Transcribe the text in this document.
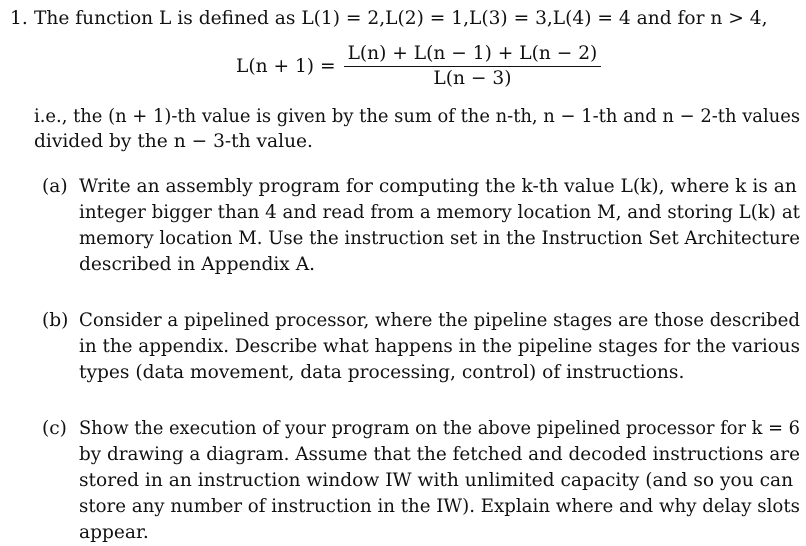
1. The function L is defined as L(1) = 2,L(2) = 1,L(3) = 3,L(4) = 4 and for n > 4,
$L(n + 1) = \frac{L(n) + L(n - 1) + L(n - 2)}{L(n - 3)}$
i.e., the (n + 1)-th value is given by the sum of the n-th, n − 1-th and n − 2-th values
divided by the n − 3-th value.
(a) Write an assembly program for computing the k-th value L(k), where k is an
integer bigger than 4 and read from a memory location M, and storing L(k) at
memory location M. Use the instruction set in the Instruction Set Architecture
described in Appendix A.
(b) Consider a pipelined processor, where the pipeline stages are those described
in the appendix. Describe what happens in the pipeline stages for the various
types (data movement, data processing, control) of instructions.
(c) Show the execution of your program on the above pipelined processor for k = 6
by drawing a diagram. Assume that the fetched and decoded instructions are
stored in an instruction window IW with unlimited capacity (and so you can
store any number of instruction in the IW). Explain where and why delay slots
appear.
